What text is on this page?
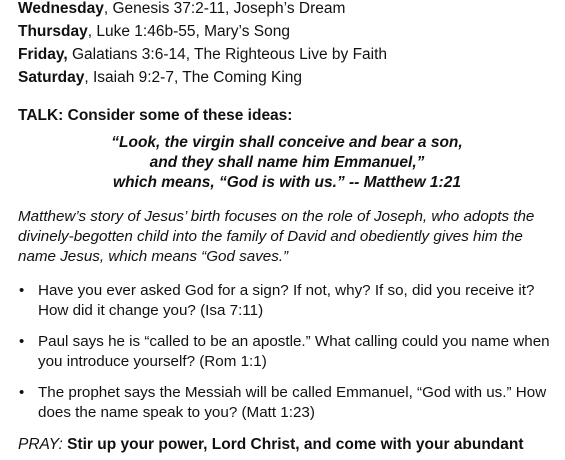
Wednesday, Genesis 37:2-11, Joseph’s Dream
Thursday, Luke 1:46b-55, Mary’s Song
Friday, Galatians 3:6-14, The Righteous Live by Faith
Saturday, Isaiah 9:2-7, The Coming King
TALK: Consider some of these ideas:
“Look, the virgin shall conceive and bear a son,
and they shall name him Emmanuel,”
which means, “God is with us.” -- Matthew 1:21
Matthew’s story of Jesus’ birth focuses on the role of Joseph, who adopts the divinely-begotten child into the family of David and obediently gives him the name Jesus, which means “God saves.”
• Have you ever asked God for a sign? If not, why? If so, did you receive it? How did it change you? (Isa 7:11)
• Paul says he is “called to be an apostle.” What calling could you name when you introduce yourself? (Rom 1:1)
• The prophet says the Messiah will be called Emmanuel, “God with us.” How does the name speak to you? (Matt 1:23)
PRAY: Stir up your power, Lord Christ, and come with your abundant
